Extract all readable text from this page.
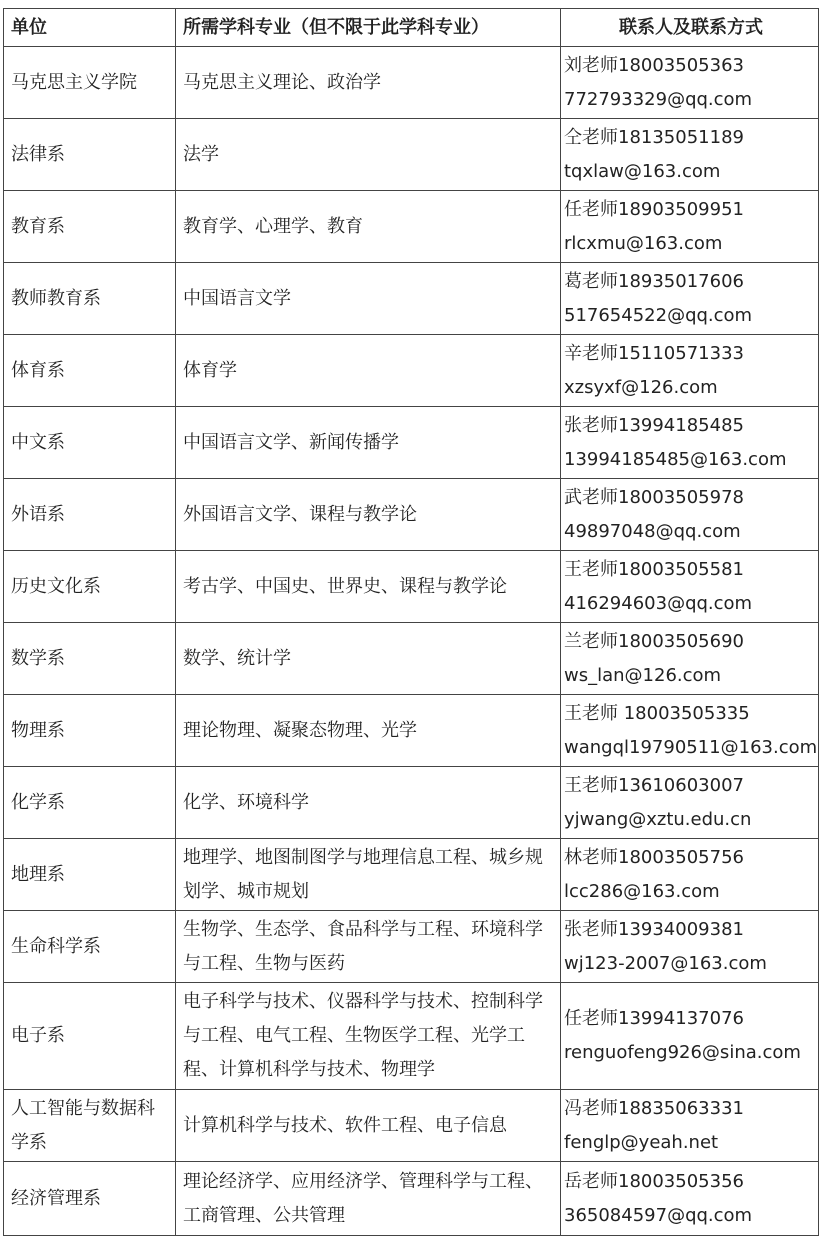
单位	所需学科专业（但不限于此学科专业）	联系人及联系方式
马克思主义学院	马克思主义理论、政治学	刘老师18003505363
772793329@qq.com

法律系	法学	仝老师18135051189
tqxlaw@163.com

教育系	教育学、心理学、教育	任老师18903509951
rlcxmu@163.com

教师教育系	中国语言文学	葛老师18935017606
517654522@qq.com

体育系	体育学	辛老师15110571333
xzsyxf@126.com

中文系	中国语言文学、新闻传播学	张老师13994185485
13994185485@163.com

外语系	外国语言文学、课程与教学论	武老师18003505978
49897048@qq.com

历史文化系	考古学、中国史、世界史、课程与教学论	王老师18003505581
416294603@qq.com

数学系	数学、统计学	兰老师18003505690
ws_lan@126.com

物理系	理论物理、凝聚态物理、光学	王老师 18003505335
wangql19790511@163.com

化学系	化学、环境科学	王老师13610603007
yjwang@xztu.edu.cn

地理系	地理学、地图制图学与地理信息工程、城乡规划学、城市规划	林老师18003505756
lcc286@163.com

生命科学系	生物学、生态学、食品科学与工程、环境科学与工程、生物与医药	张老师13934009381
wj123-2007@163.com

电子系	电子科学与技术、仪器科学与技术、控制科学与工程、电气工程、生物医学工程、光学工程、计算机科学与技术、物理学	任老师13994137076
renguofeng926@sina.com

人工智能与数据科学系	计算机科学与技术、软件工程、电子信息	冯老师18835063331
fenglp@yeah.net

经济管理系	理论经济学、应用经济学、管理科学与工程、工商管理、公共管理	岳老师18003505356
365084597@qq.com
